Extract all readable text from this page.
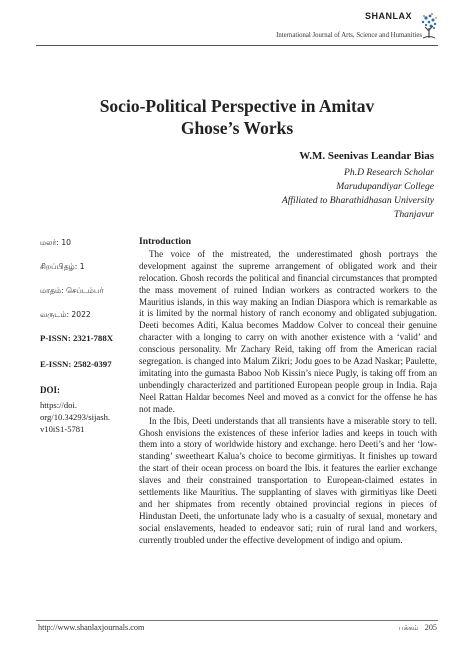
SHANLAX
International Journal of Arts, Science and Humanities
Socio-Political Perspective in Amitav
Ghose’s Works
W.M. Seenivas Leandar Bias
Ph.D Research Scholar
Marudupandiyar College
Affiliated to Bharathidhasan University
Thanjavur
மலர்: 10
சிறப்பிதழ்: 1
மாதம்: செப்டம்பர்
வருடம்: 2022
P-ISSN: 2321-788X
E-ISSN: 2582-0397
DOI:
https://doi.
org/10.34293/sijash.
v10iS1-5781
Introduction

The voice of the mistreated, the underestimated ghosh portrays the development against the supreme arrangement of obligated work and their relocation. Ghosh records the political and financial circumstances that prompted the mass movement of ruined Indian workers as contracted workers to the Mauritius islands, in this way making an Indian Diaspora which is remarkable as it is limited by the normal history of ranch economy and obligated subjugation. Deeti becomes Aditi, Kalua becomes Maddow Colver to conceal their genuine character with a longing to carry on with another existence with a ‘valid’ and conscious personality. Mr Zachary Reid, taking off from the American racial segregation. is changed into Malum Zikri; Jodu goes to be Azad Naskar; Paulette, imitating into the gumasta Baboo Nob Kissin’s niece Pugly, is taking off from an unbendingly characterized and partitioned European people group in India. Raja Neel Rattan Haldar becomes Neel and moved as a convict for the offense he has not made.

In the Ibis, Deeti understands that all transients have a miserable story to tell. Ghosh envisions the existences of these inferior ladies and keeps in touch with them into a story of worldwide history and exchange. hero Deeti’s and her ‘low-standing’ sweetheart Kalua’s choice to become girmitiyas. It finishes up toward the start of their ocean process on board the Ibis. it features the earlier exchange slaves and their constrained transportation to European-claimed estates in settlements like Mauritius. The supplanting of slaves with girmitiyas like Deeti and her shipmates from recently obtained provincial regions in pieces of Hindustan Deeti, the unfortunate lady who is a casualty of sexual, monetary and social enslavements, headed to endeavor sati; ruin of rural land and workers, currently troubled under the effective development of indigo and opium.

http://www.shanlaxjournals.com	பக்கம் 205
